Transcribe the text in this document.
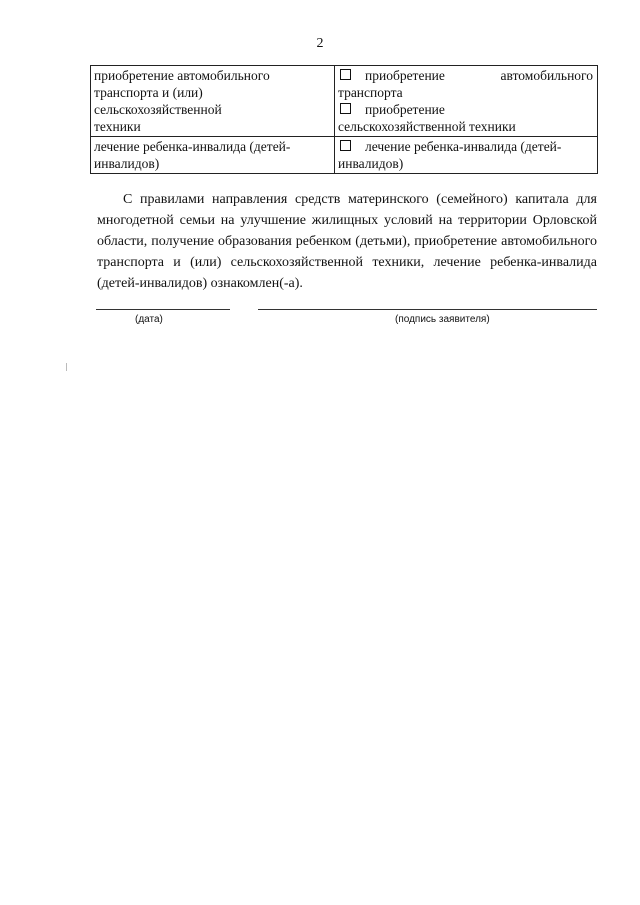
2
приобретение автомобильного
транспорта и (или)
сельскохозяйственной
техники	приобретение автомобильного
транспорта
приобретение
сельскохозяйственной техники

лечение ребенка-инвалида (детей-
инвалидов)	лечение ребенка-инвалида (детей-
инвалидов)

С правилами направления средств материнского (семейного) капитала для многодетной семьи на улучшение жилищных условий на территории Орловской области, получение образования ребенком (детьми), приобретение автомобильного транспорта и (или) сельскохозяйственной техники, лечение ребенка-инвалида (детей-инвалидов) ознакомлен(-а).

(дата)	(подпись заявителя)
